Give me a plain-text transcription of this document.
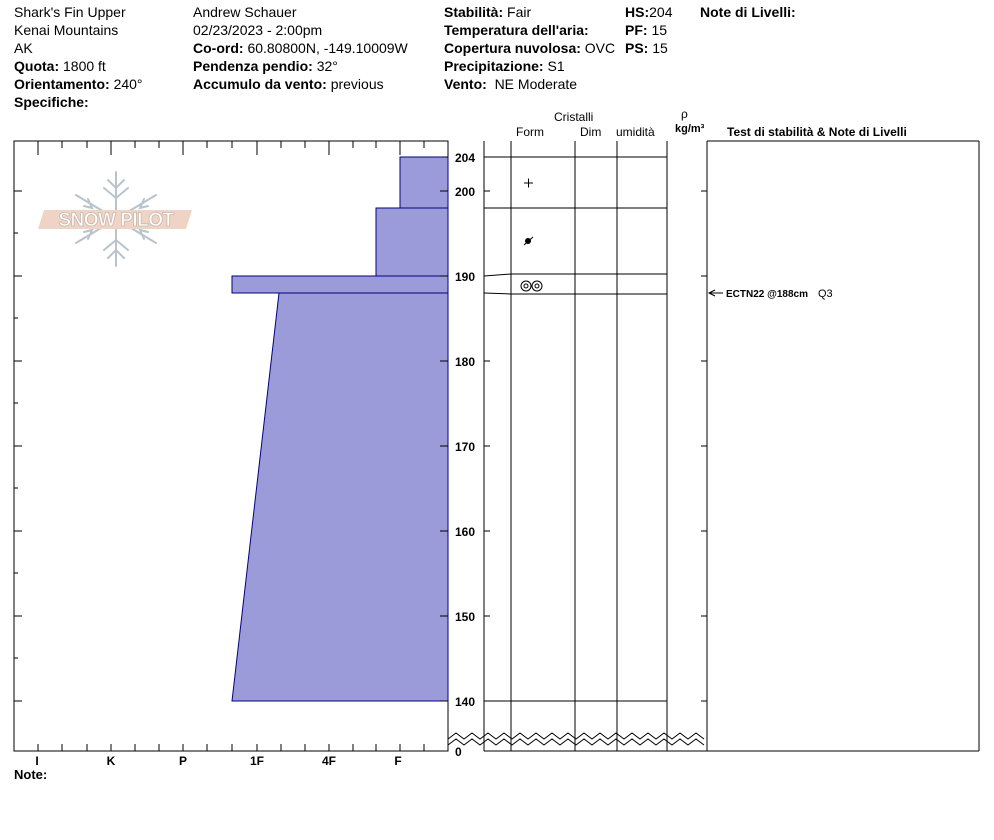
Shark's Fin Upper
Kenai Mountains
AK
Quota: 1800 ft
Orientamento: 240°
Specifiche:
Andrew Schauer
02/23/2023 - 2:00pm
Co-ord: 60.80800N, -149.10009W
Pendenza pendio: 32°
Accumulo da vento: previous
Stabilità: Fair
Temperatura dell'aria:
Copertura nuvolosa: OVC
Precipitazione: S1
Vento: NE Moderate
HS:204
PF: 15
PS: 15
Note di Livelli:
Cristalli
Form	Dim umidità
ρ
kg/m³ Test di stabilità & Note di Livelli
204
200
190
180
170
160
150
140
0
ECTN22 @188cm Q3
I	K	P	1F	4F	F
Note:
SNOW PILOT
